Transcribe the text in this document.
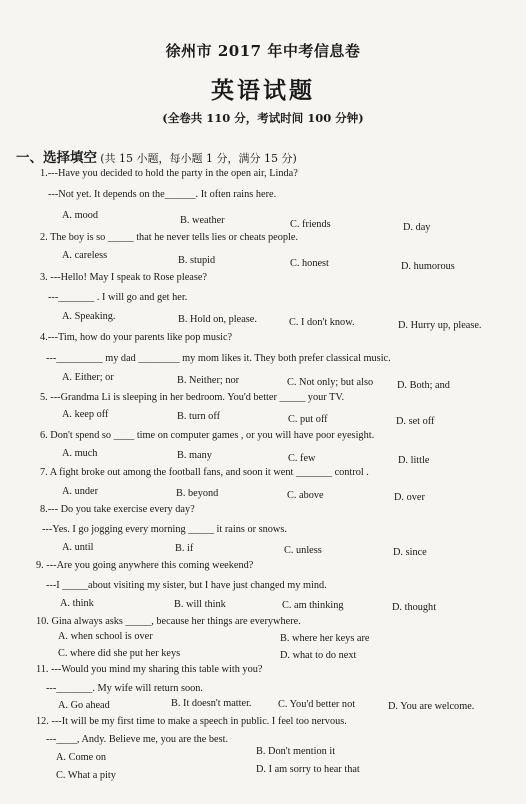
徐州市 2017 年中考信息卷
英语试题
(全卷共 110 分，考试时间 100 分钟)
一、选择填空 (共 15 小题，每小题 1 分，满分 15 分)
1.---Have you decided to hold the party in the open air, Linda?
---Not yet. It depends on the______. It often rains here.
A. mood	B. weather	C. friends	D. day
2. The boy is so _____ that he never tells lies or cheats people.
A. careless	B. stupid	C. honest	D. humorous
3. ---Hello! May I speak to Rose please?
---_______ . I will go and get her.
A. Speaking.	B. Hold on, please.	C. I don't know.	D. Hurry up, please.
4.---Tim, how do your parents like pop music?
---_________ my dad ________ my mom likes it. They both prefer classical music.
A. Either; or	B. Neither; nor	C. Not only; but also D. Both; and
5. ---Grandma Li is sleeping in her bedroom. You'd better _____ your TV.
A. keep off	B. turn off	C. put off	D. set off
6. Don't spend so ____ time on computer games , or you will have poor eyesight.
A. much	B. many	C. few	D. little
7. A fight broke out among the football fans, and soon it went _______ control .
A. under	B. beyond	C. above	D. over
8.--- Do you take exercise every day?
---Yes. I go jogging every morning _____ it rains or snows.
A. until	B. if	C. unless	D. since
9. ---Are you going anywhere this coming weekend?
---I _____about visiting my sister, but I have just changed my mind.
A. think	B. will think	C. am thinking	D. thought
10. Gina always asks _____, because her things are everywhere.
A. when school is over	B. where her keys are
C. where did she put her keys	D. what to do next
11. ---Would you mind my sharing this table with you?
---_______. My wife will return soon.
A. Go ahead	B. It doesn't matter.	C. You'd better not	D. You are welcome.
12. ---It will be my first time to make a speech in public. I feel too nervous.
---____, Andy. Believe me, you are the best.
A. Come on
B. Don't mention it
C. What a pity
D. I am sorry to hear that
